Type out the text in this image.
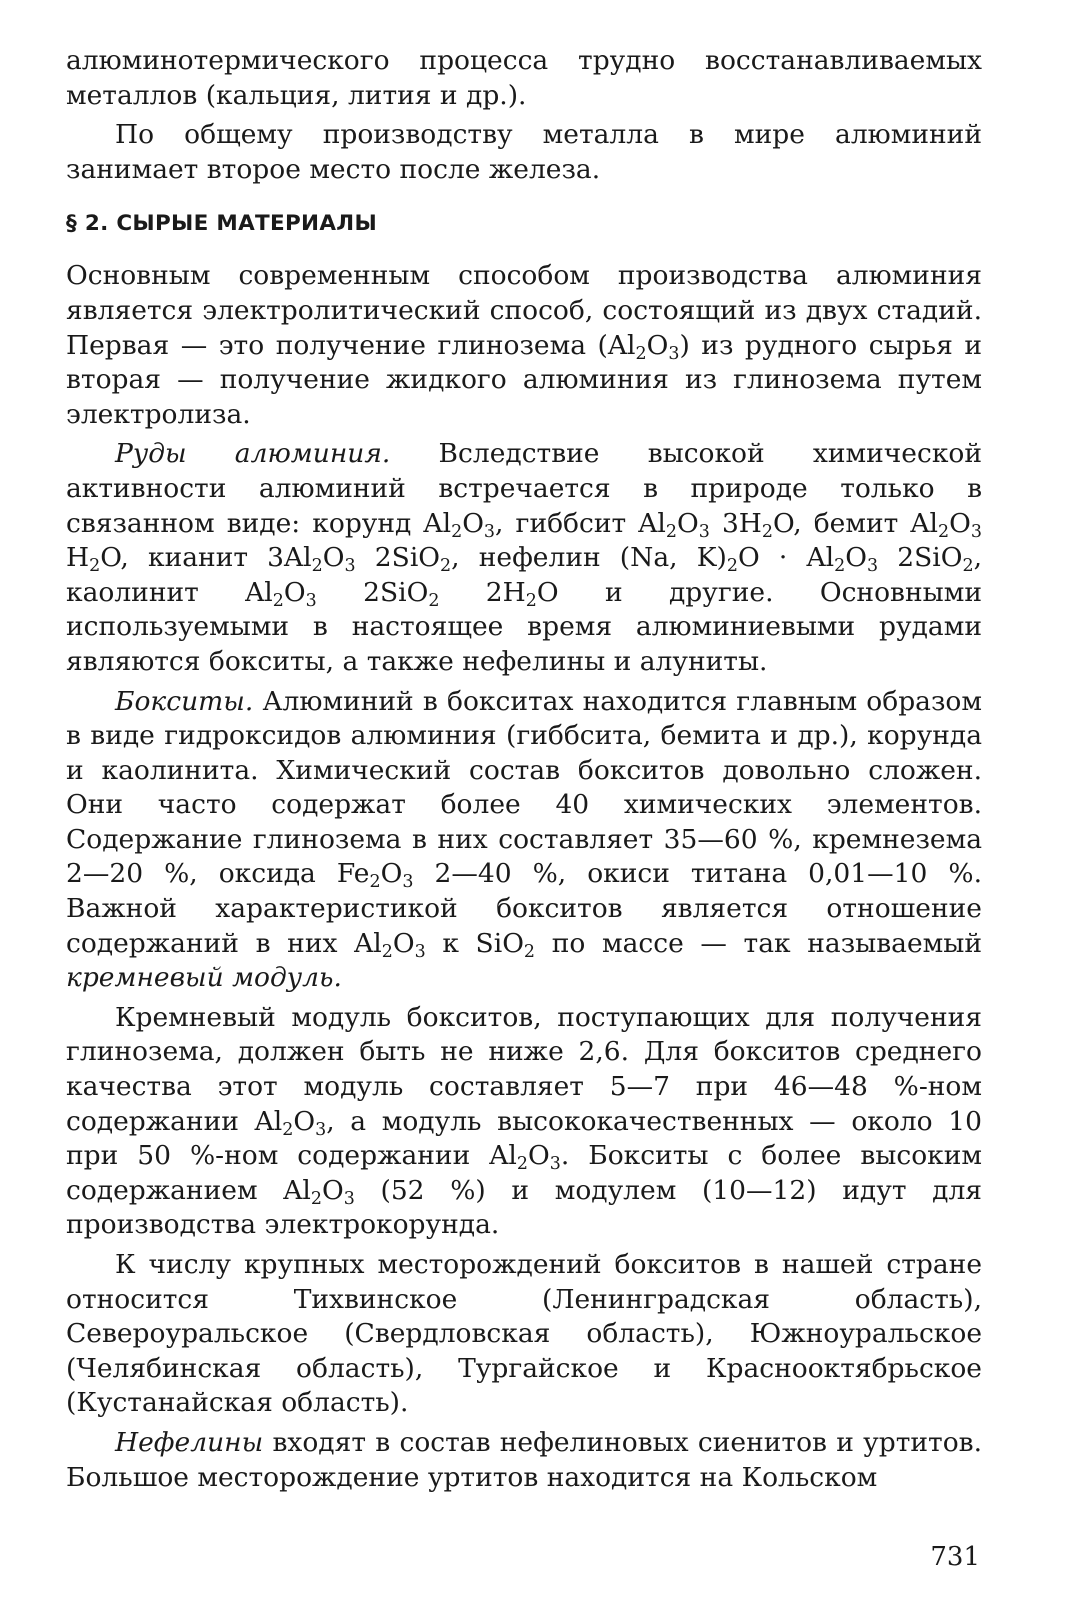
алюминотермического процесса трудно восстанавливаемых металлов (кальция, лития и др.).

По общему производству металла в мире алюминий занимает второе место после железа.

§ 2. СЫРЫЕ МАТЕРИАЛЫ

Основным современным способом производства алюминия является электролитический способ, состоящий из двух стадий. Первая — это получение глинозема $(Al_2O_3)$ из рудного сырья и вторая — получение жидкого алюминия из глинозема путем электролиза.

Руды алюминия. Вследствие высокой химической активности алюминий встречается в природе только в связанном виде: корунд $Al_2O_3$, гиббсит $Al_2O_3$ $3H_2O$, бемит $Al_2O_3$ $H_2O$, кианит $3Al_2O_3$ 2SiO$_2$, нефелин (Na, $K)_2O \cdot Al_2O_3$ 2SiO$_2$, каолинит $Al_2O_3$ 2SiO$_2$ $2H_2O$ и другие. Основными используемыми в настоящее время алюминиевыми рудами являются бокситы, а также нефелины и алуниты.

Бокситы. Алюминий в бокситах находится главным образом в виде гидроксидов алюминия (гиббсита, бемита и др.), корунда и каолинита. Химический состав бокситов довольно сложен. Они часто содержат более 40 химических элементов. Содержание глинозема в них составляет 35—60 %, кремнезема 2—20 %, оксида $Fe_2O_3$ 2—40 %, окиси титана 0,01—10 %. Важной характеристикой бокситов является отношение содержаний в них $Al_2O_3$ к SiO$_2$ по массе — так называемый кремневый модуль.

Кремневый модуль бокситов, поступающих для получения глинозема, должен быть не ниже 2,6. Для бокситов среднего качества этот модуль составляет 5—7 при 46—48 %-ном содержании $Al_2O_3$, а модуль высококачественных — около 10 при 50 %-ном содержании $Al_2O_3$. Бокситы с более высоким содержанием $Al_2O_3$ (52 %) и модулем (10—12) идут для производства электрокорунда.

К числу крупных месторождений бокситов в нашей стране относится Тихвинское (Ленинградская область), Североуральское (Свердловская область), Южноуральское (Челябинская область), Тургайское и Краснооктябрьское (Кустанайская область).

Нефелины входят в состав нефелиновых сиенитов и уртитов. Большое месторождение уртитов находится на Кольском

731
